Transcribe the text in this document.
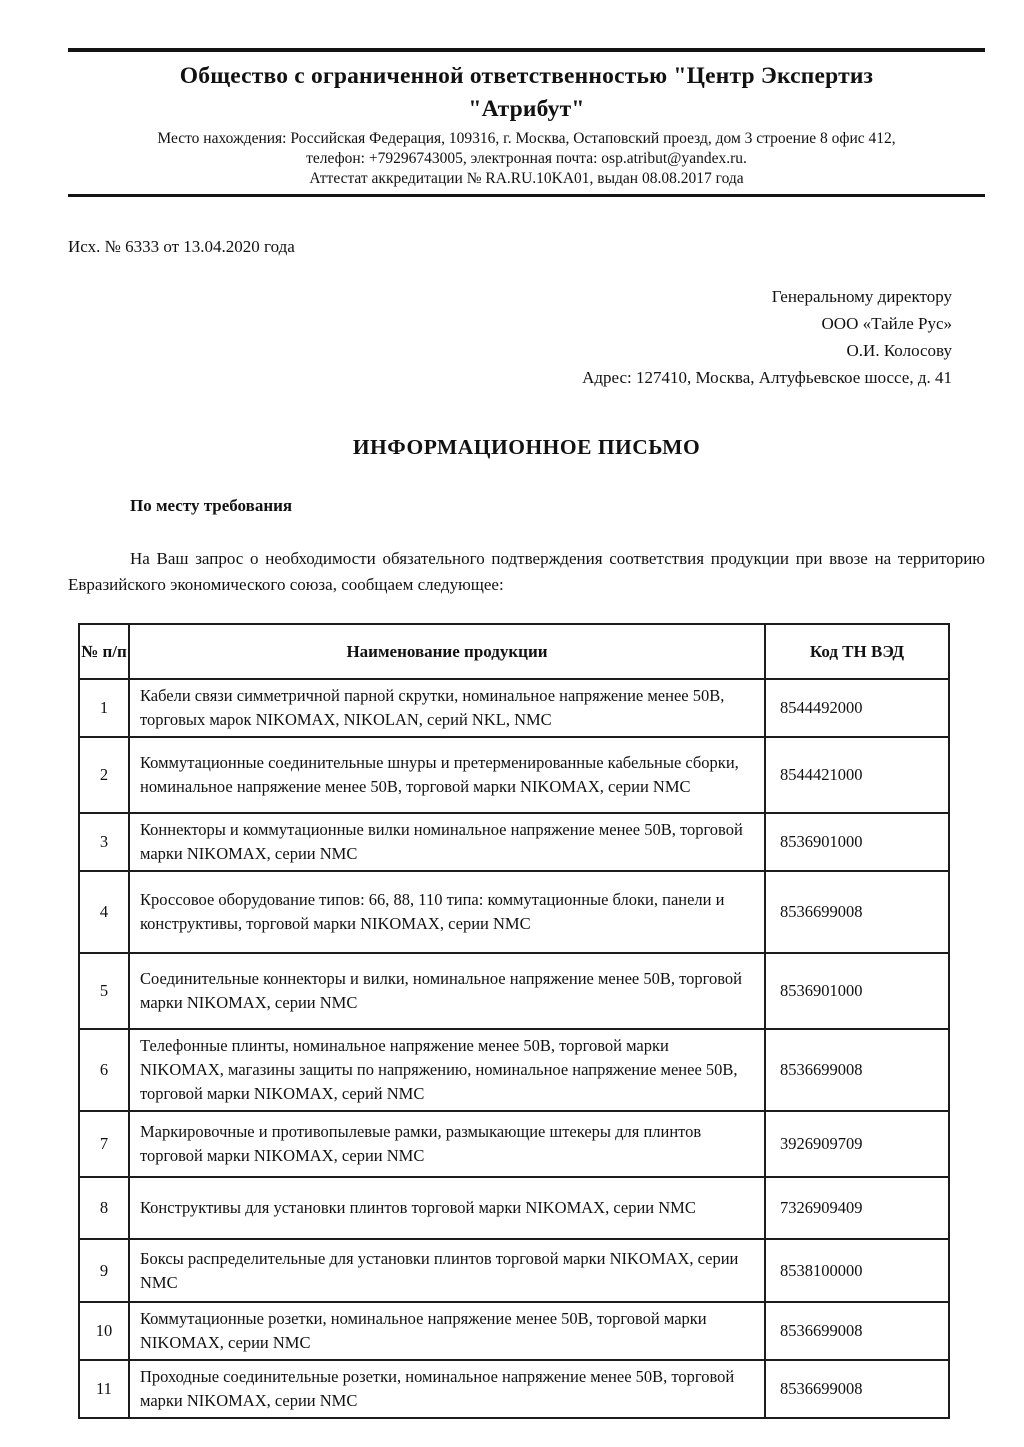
Общество с ограниченной ответственностью "Центр Экспертиз
"Атрибут"
Место нахождения: Российская Федерация, 109316, г. Москва, Остаповский проезд, дом 3 строение 8 офис 412,
телефон: +79296743005, электронная почта: osp.atribut@yandex.ru.
Аттестат аккредитации № RA.RU.10KA01, выдан 08.08.2017 года
Исх. № 6333 от 13.04.2020 года
Генеральному директору
ООО «Тайле Рус»
О.И. Колосову
Адрес: 127410, Москва, Алтуфьевское шоссе, д. 41
ИНФОРМАЦИОННОЕ ПИСЬМО
По месту требования
На Ваш запрос о необходимости обязательного подтверждения соответствия продукции при ввозе на территорию Евразийского экономического союза, сообщаем следующее:
№ п/п	Наименование продукции	Код ТН ВЭД
1	Кабели связи симметричной парной скрутки, номинальное напряжение менее 50В, торговых марок NIKOMAX, NIKOLAN, серий NKL, NMC	8544492000
2	Коммутационные соединительные шнуры и претерменированные кабельные сборки, номинальное напряжение менее 50В, торговой марки NIKOMAX, серии NMC	8544421000
3	Коннекторы и коммутационные вилки номинальное напряжение менее 50В, торговой марки NIKOMAX, серии NMC	8536901000
4	Кроссовое оборудование типов: 66, 88, 110 типа: коммутационные блоки, панели и конструктивы, торговой марки NIKOMAX, серии NMC	8536699008
5	Соединительные коннекторы и вилки, номинальное напряжение менее 50В, торговой марки NIKOMAX, серии NMC	8536901000
6	Телефонные плинты, номинальное напряжение менее 50В, торговой марки NIKOMAX, магазины защиты по напряжению, номинальное напряжение менее 50В, торговой марки NIKOMAX, серий NMC	8536699008
7	Маркировочные и противопылевые рамки, размыкающие штекеры для плинтов торговой марки NIKOMAX, серии NMC	3926909709
8	Конструктивы для установки плинтов торговой марки NIKOMAX, серии NMC	7326909409
9	Боксы распределительные для установки плинтов торговой марки NIKOMAX, серии NMC	8538100000
10	Коммутационные розетки, номинальное напряжение менее 50В, торговой марки NIKOMAX, серии NMC	8536699008
11	Проходные соединительные розетки, номинальное напряжение менее 50В, торговой марки NIKOMAX, серии NMC	8536699008
